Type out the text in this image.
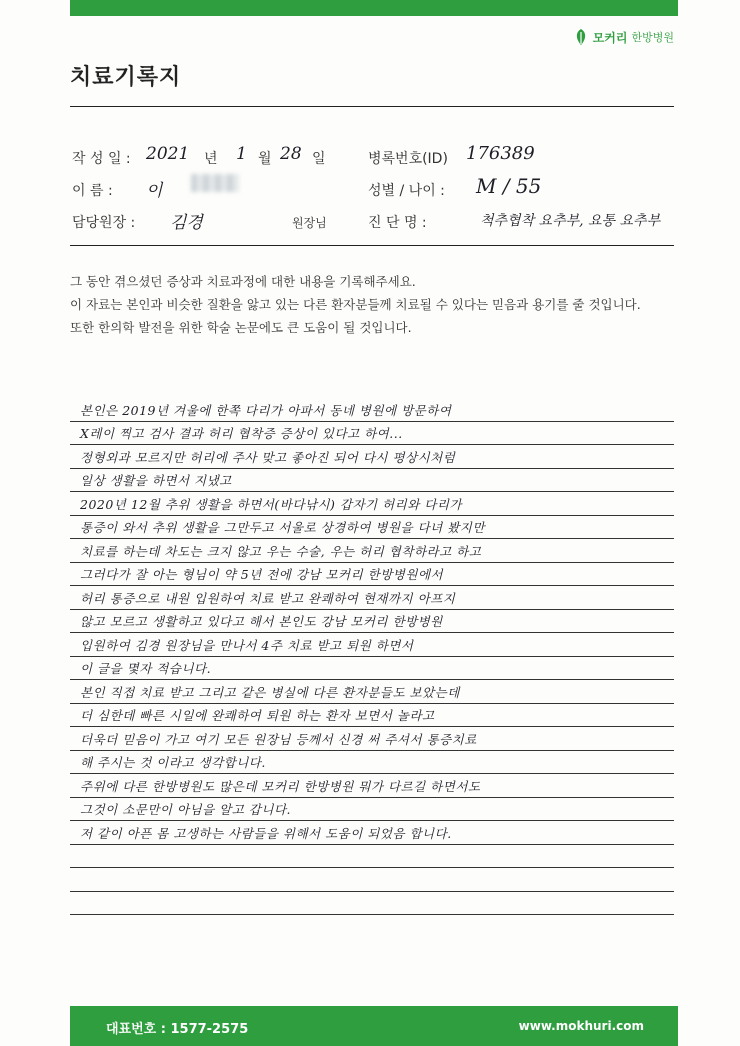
모커리 한방병원
치료기록지
작 성 일 : 2021 년 1 월 28 일	병록번호(ID) 176389
이 름 : 이	성별 / 나이 : M / 55
담당원장 : 김경	원장님	진 단 명 :	척추협착 요추부, 요통 요추부
그 동안 겪으셨던 증상과 치료과정에 대한 내용을 기록해주세요.
이 자료는 본인과 비슷한 질환을 앓고 있는 다른 환자분들께 치료될 수 있다는 믿음과 용기를 줄 것입니다.
또한 한의학 발전을 위한 학술 논문에도 큰 도움이 될 것입니다.
본인은 2019년 겨울에 한쪽 다리가 아파서 동네 병원에 방문하여
X레이 찍고 검사 결과 허리 협착증 증상이 있다고 하여...
정형외과 모르지만 허리에 주사 맞고 좋아진 되어 다시 평상시처럼
일상 생활을 하면서 지냈고
2020년 12월 추위 생활을 하면서(바다낚시) 갑자기 허리와 다리가
통증이 와서 추위 생활을 그만두고 서울로 상경하여 병원을 다녀 봤지만
치료를 하는데 차도는 크지 않고 우는 수술, 우는 허리 협착하라고 하고
그러다가 잘 아는 형님이 약 5년 전에 강남 모커리 한방병원에서
허리 통증으로 내원 입원하여 치료 받고 완쾌하여 현재까지 아프지
않고 모르고 생활하고 있다고 해서 본인도 강남 모커리 한방병원
입원하여 김경 원장님을 만나서 4주 치료 받고 퇴원 하면서
이 글을 몇자 적습니다.
본인 직접 치료 받고 그리고 같은 병실에 다른 환자분들도 보았는데
더 심한데 빠른 시일에 완쾌하여 퇴원 하는 환자 보면서 놀라고
더욱더 믿음이 가고 여기 모든 원장님 등께서 신경 써 주셔서 통증치료
해 주시는 것 이라고 생각합니다.
주위에 다른 한방병원도 많은데 모커리 한방병원 뭐가 다르길 하면서도
그것이 소문만이 아님을 알고 갑니다.
저 같이 아픈 몸 고생하는 사람들을 위해서 도움이 되었음 합니다.
대표번호 : 1577-2575	www.mokhuri.com
